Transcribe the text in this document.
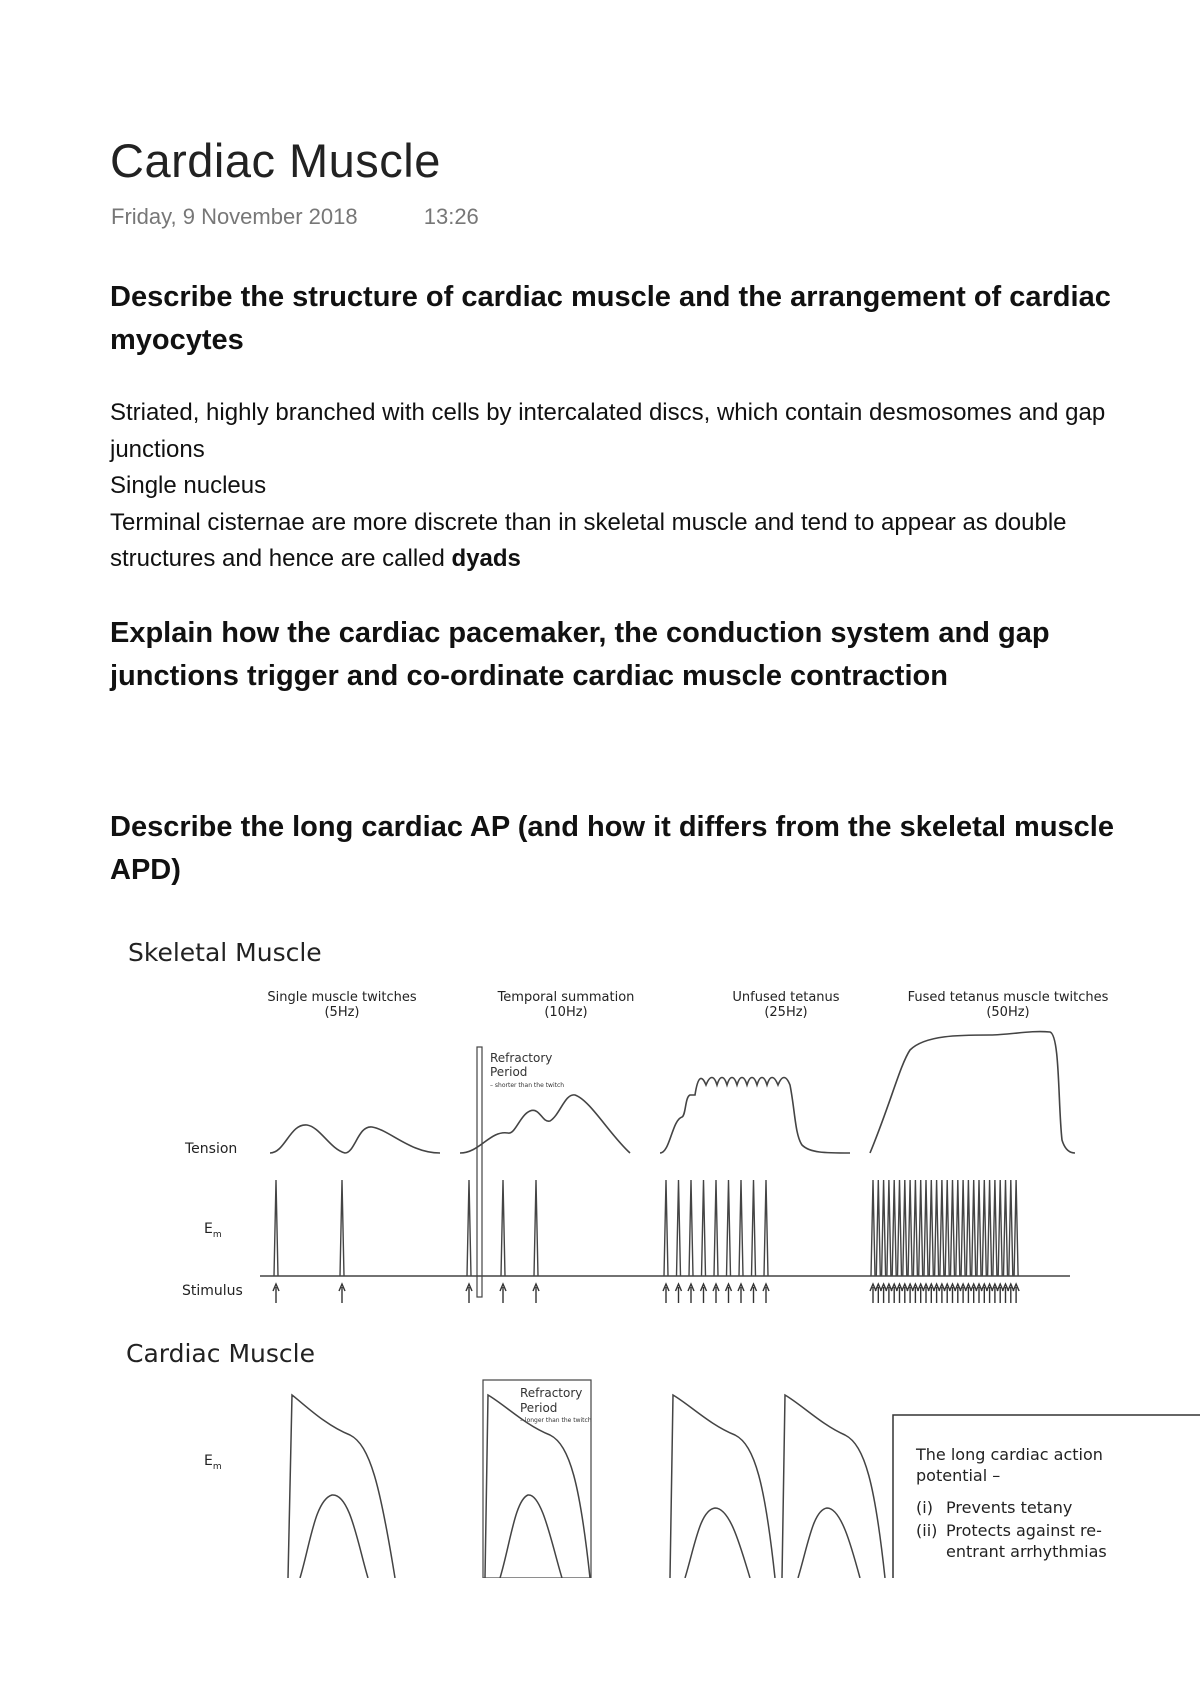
Cardiac Muscle
Friday, 9 November 2018	13:26
Describe the structure of cardiac muscle and the arrangement of cardiac myocytes

Striated, highly branched with cells by intercalated discs, which contain desmosomes and gap junctions

Single nucleus

Terminal cisternae are more discrete than in skeletal muscle and tend to appear as double structures and hence are called dyads

Explain how the cardiac pacemaker, the conduction system and gap junctions trigger and co-ordinate cardiac muscle contraction
Describe the long cardiac AP (and how it differs from the skeletal muscle APD)
Skeletal Muscle
Cardiac Muscle
Single muscle twitches
(5Hz)
Temporal summation
(10Hz)
Unfused tetanus
(25Hz)
Fused tetanus muscle twitches
(50Hz)
Tension
$E_m$
Stimulus
$E_m$
Refractory
Period
– shorter than the twitch
Refractory
Period
– longer than the twitch
The long cardiac action
potential –
(i) Prevents tetany
(ii) Protects against re-
entrant arrhythmias
